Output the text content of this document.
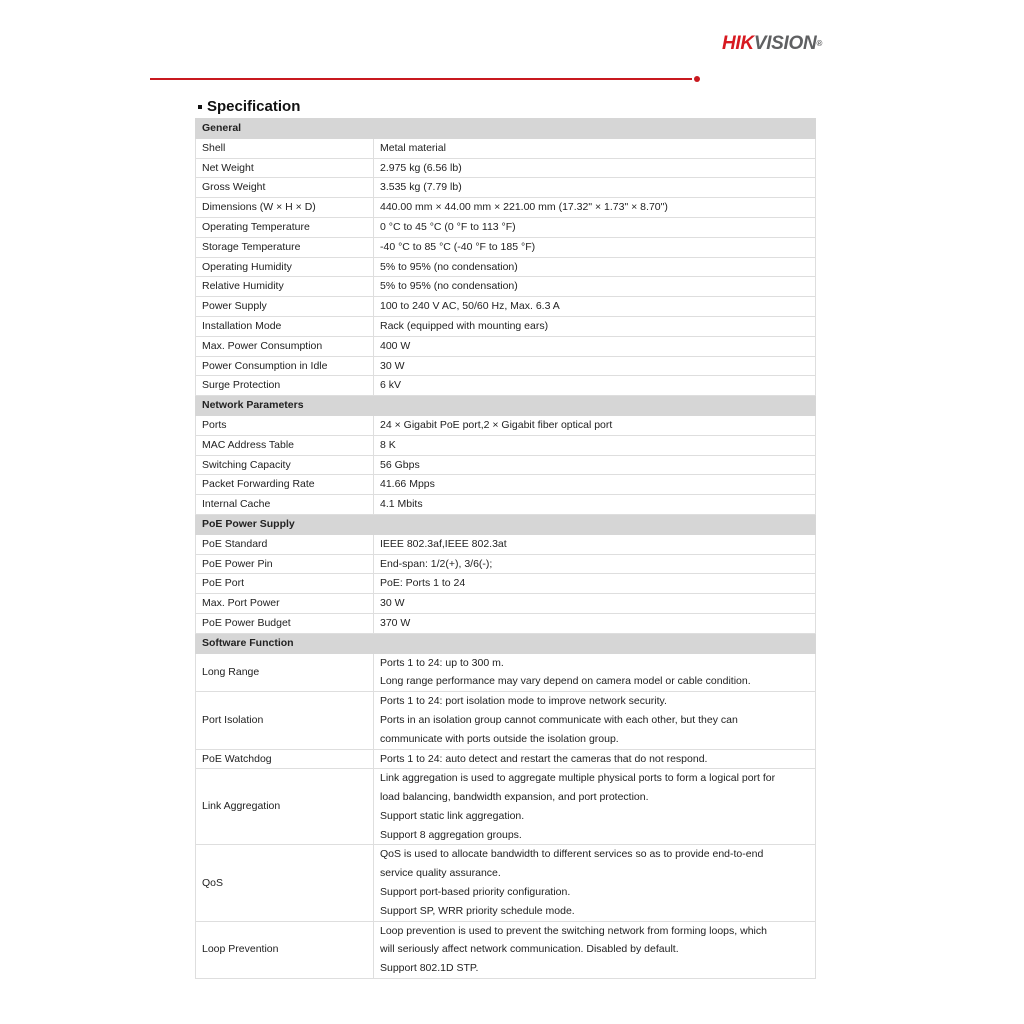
HIKVISION®
Specification
General	
Shell	Metal material

Net Weight	2.975 kg (6.56 lb)

Gross Weight	3.535 kg (7.79 lb)

Dimensions (W × H × D)	440.00 mm × 44.00 mm × 221.00 mm (17.32" × 1.73" × 8.70")

Operating Temperature	0 °C to 45 °C (0 °F to 113 °F)

Storage Temperature	-40 °C to 85 °C (-40 °F to 185 °F)

Operating Humidity	5% to 95% (no condensation)

Relative Humidity	5% to 95% (no condensation)

Power Supply	100 to 240 V AC, 50/60 Hz, Max. 6.3 A

Installation Mode	Rack (equipped with mounting ears)

Max. Power Consumption	400 W

Power Consumption in Idle	30 W

Surge Protection	6 kV

Network Parameters	
Ports	24 × Gigabit PoE port,2 × Gigabit fiber optical port

MAC Address Table	8 K

Switching Capacity	56 Gbps

Packet Forwarding Rate	41.66 Mpps

Internal Cache	4.1 Mbits

PoE Power Supply	
PoE Standard	IEEE 802.3af,IEEE 802.3at

PoE Power Pin	End-span: 1/2(+), 3/6(-);

PoE Port	PoE: Ports 1 to 24

Max. Port Power	30 W

PoE Power Budget	370 W

Software Function	
Long Range	Ports 1 to 24: up to 300 m.
Long range performance may vary depend on camera model or cable condition.

Port Isolation	Ports 1 to 24: port isolation mode to improve network security.
Ports in an isolation group cannot communicate with each other, but they can
communicate with ports outside the isolation group.

PoE Watchdog	Ports 1 to 24: auto detect and restart the cameras that do not respond.

Link Aggregation	Link aggregation is used to aggregate multiple physical ports to form a logical port for
load balancing, bandwidth expansion, and port protection.
Support static link aggregation.
Support 8 aggregation groups.

QoS	QoS is used to allocate bandwidth to different services so as to provide end-to-end
service quality assurance.
Support port-based priority configuration.
Support SP, WRR priority schedule mode.

Loop Prevention	Loop prevention is used to prevent the switching network from forming loops, which
will seriously affect network communication. Disabled by default.
Support 802.1D STP.
